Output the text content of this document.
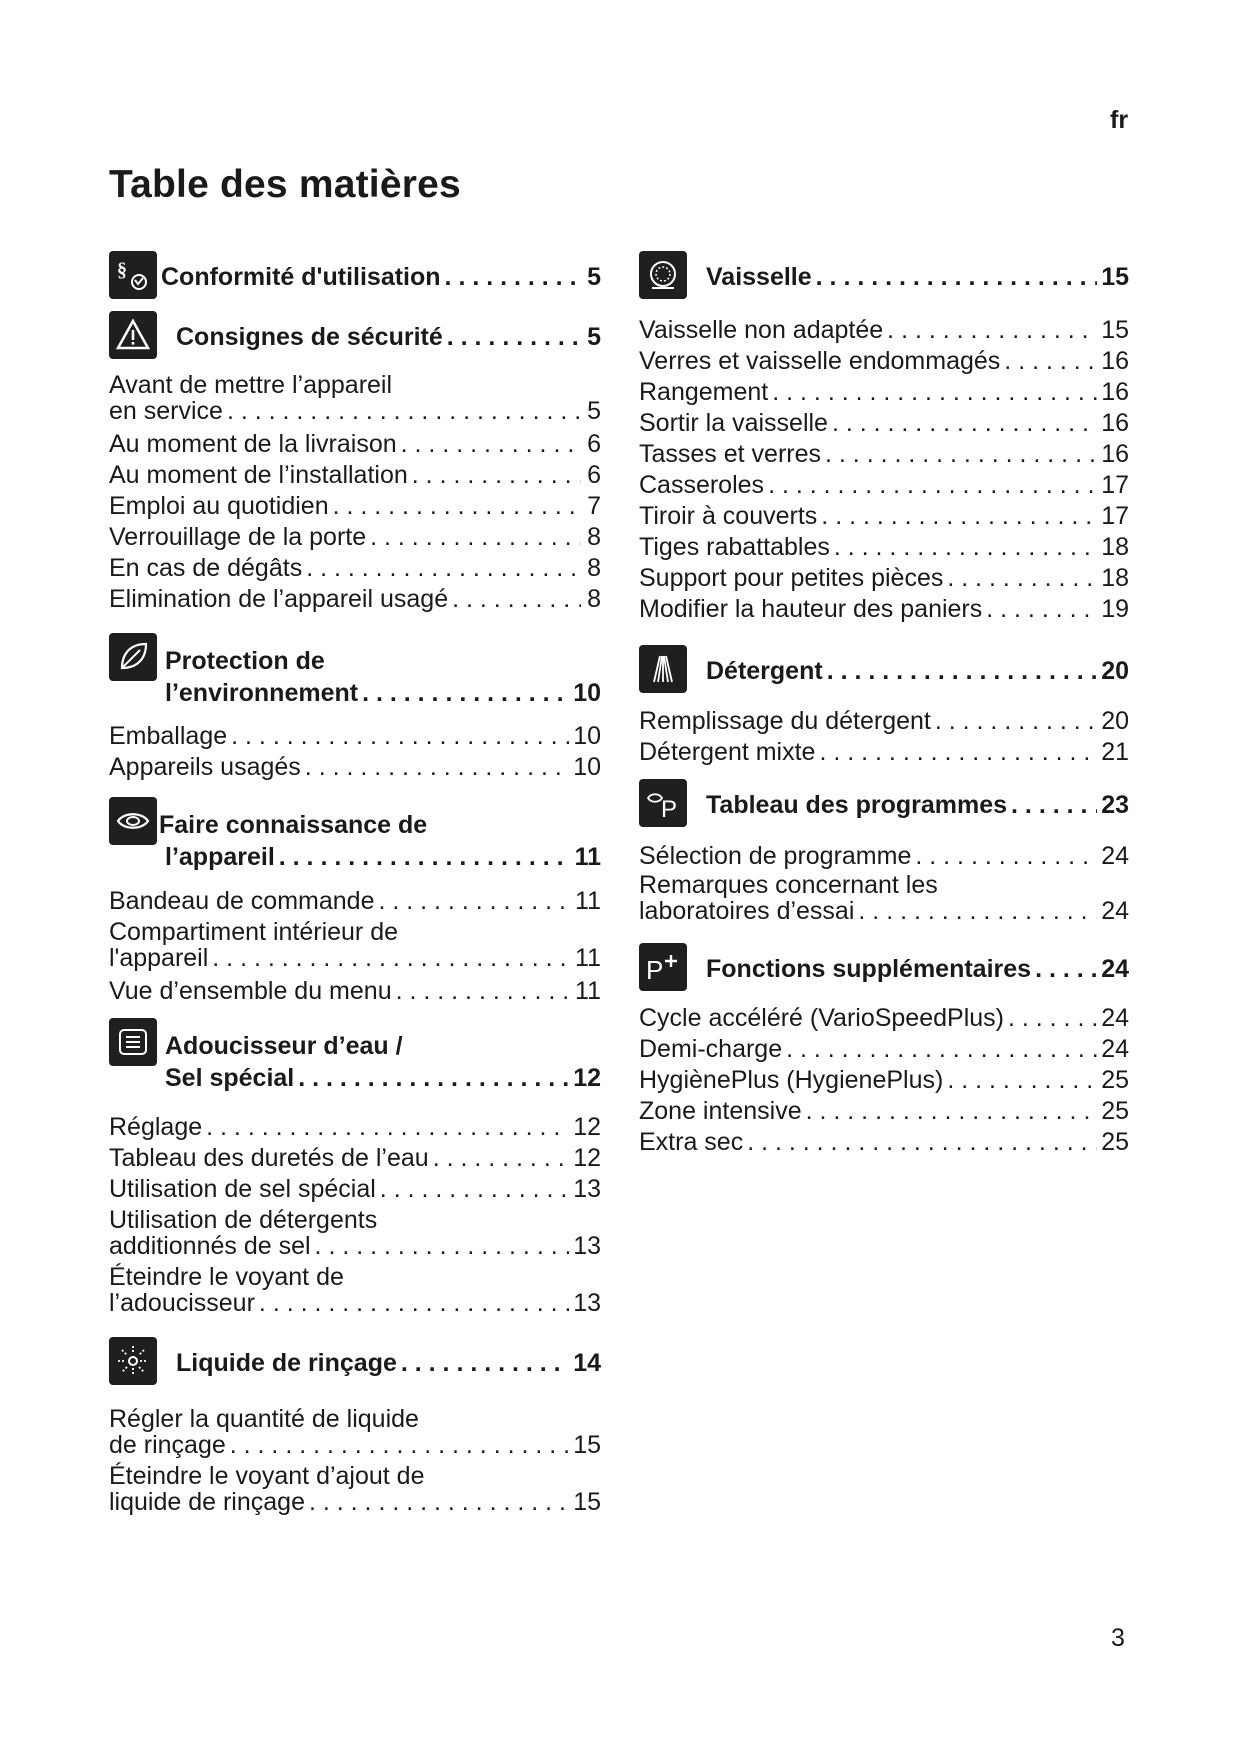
fr
Table des matières
§ Conformité d'utilisation . . .	5
Consignes de sécurité . . .	5
Avant de mettre l’appareil
en service . . .	5
Au moment de la livraison . . .	6
Au moment de l’installation . . .	6
Emploi au quotidien . . .	7
Verrouillage de la porte . . .	8
En cas de dégâts . . .	8
Elimination de l’appareil usagé . . .	8
Protection de
l’environnement . . .	10
Emballage . . .	10
Appareils usagés . . .	10
Faire connaissance de
l’appareil . . .	11
Bandeau de commande . . .	11
Compartiment intérieur de
l'appareil . . .	11
Vue d’ensemble du menu . . .	11
Adoucisseur d’eau /
Sel spécial . . .	12
Réglage . . .	12
Tableau des duretés de l’eau . . .	12
Utilisation de sel spécial . . .	13
Utilisation de détergents
additionnés de sel . . .	13
Éteindre le voyant de
l’adoucisseur . . .	13
Liquide de rinçage . . .	14
Régler la quantité de liquide
de rinçage . . .	15
Éteindre le voyant d’ajout de
liquide de rinçage . . .	15
Vaisselle . . .	15
Vaisselle non adaptée . . .	15
Verres et vaisselle endommagés . . .	16
Rangement . . .	16
Sortir la vaisselle . . .	16
Tasses et verres . . .	16
Casseroles . . .	17
Tiroir à couverts . . .	17
Tiges rabattables . . .	18
Support pour petites pièces . . .	18
Modifier la hauteur des paniers . . .	19
Détergent . . .	20
Remplissage du détergent . . .	20
Détergent mixte . . .	21
P Tableau des programmes . . .	23
Sélection de programme . . .	24
Remarques concernant les
laboratoires d’essai . . .	24
P Fonctions supplémentaires . . .	24
Cycle accéléré (VarioSpeedPlus) . . .	24
Demi-charge . . .	24
HygiènePlus (HygienePlus) . . .	25
Zone intensive . . .	25
Extra sec . . .	25
3
